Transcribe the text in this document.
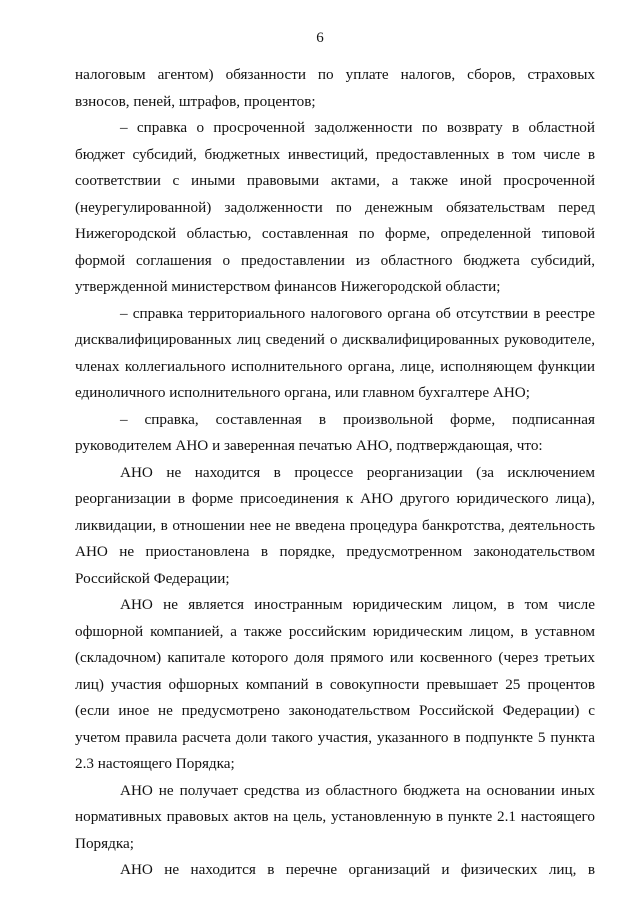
6

налоговым агентом) обязанности по уплате налогов, сборов, страховых взносов, пеней, штрафов, процентов;

– справка о просроченной задолженности по возврату в областной бюджет субсидий, бюджетных инвестиций, предоставленных в том числе в соответствии с иными правовыми актами, а также иной просроченной (неурегулированной) задолженности по денежным обязательствам перед Нижегородской областью, составленная по форме, определенной типовой формой соглашения о предоставлении из областного бюджета субсидий, утвержденной министерством финансов Нижегородской области;

– справка территориального налогового органа об отсутствии в реестре дисквалифицированных лиц сведений о дисквалифицированных руководителе, членах коллегиального исполнительного органа, лице, исполняющем функции единоличного исполнительного органа, или главном бухгалтере АНО;

– справка, составленная в произвольной форме, подписанная руководителем АНО и заверенная печатью АНО, подтверждающая, что:

АНО не находится в процессе реорганизации (за исключением реорганизации в форме присоединения к АНО другого юридического лица), ликвидации, в отношении нее не введена процедура банкротства, деятельность АНО не приостановлена в порядке, предусмотренном законодательством Российской Федерации;

АНО не является иностранным юридическим лицом, в том числе офшорной компанией, а также российским юридическим лицом, в уставном (складочном) капитале которого доля прямого или косвенного (через третьих лиц) участия офшорных компаний в совокупности превышает 25 процентов (если иное не предусмотрено законодательством Российской Федерации) с учетом правила расчета доли такого участия, указанного в подпункте 5 пункта 2.3 настоящего Порядка;

АНО не получает средства из областного бюджета на основании иных нормативных правовых актов на цель, установленную в пункте 2.1 настоящего Порядка;

АНО не находится в перечне организаций и физических лиц, в
